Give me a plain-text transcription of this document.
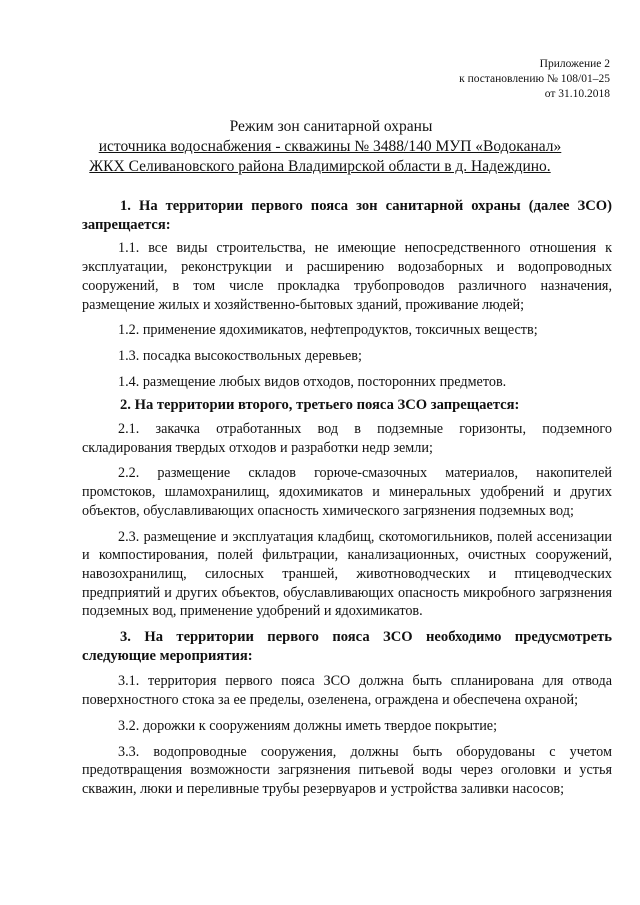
Приложение 2
к постановлению № 108/01–25
от 31.10.2018
Режим зон санитарной охраны
источника водоснабжения - скважины № 3488/140 МУП «Водоканал»
ЖКХ Селивановского района Владимирской области в д. Надеждино.

1. На территории первого пояса зон санитарной охраны (далее ЗСО) запрещается:

1.1. все виды строительства, не имеющие непосредственного отношения к эксплуатации, реконструкции и расширению водозаборных и водопроводных сооружений, в том числе прокладка трубопроводов различного назначения, размещение жилых и хозяйственно-бытовых зданий, проживание людей;

1.2. применение ядохимикатов, нефтепродуктов, токсичных веществ;

1.3. посадка высокоствольных деревьев;

1.4. размещение любых видов отходов, посторонних предметов.

2. На территории второго, третьего пояса ЗСО запрещается:

2.1. закачка отработанных вод в подземные горизонты, подземного складирования твердых отходов и разработки недр земли;

2.2. размещение складов горюче-смазочных материалов, накопителей промстоков, шламохранилищ, ядохимикатов и минеральных удобрений и других объектов, обуславливающих опасность химического загрязнения подземных вод;

2.3. размещение и эксплуатация кладбищ, скотомогильников, полей ассенизации и компостирования, полей фильтрации, канализационных, очистных сооружений, навозохранилищ, силосных траншей, животноводческих и птицеводческих предприятий и других объектов, обуславливающих опасность микробного загрязнения подземных вод, применение удобрений и ядохимикатов.

3. На территории первого пояса ЗСО необходимо предусмотреть следующие мероприятия:

3.1. территория первого пояса ЗСО должна быть спланирована для отвода поверхностного стока за ее пределы, озеленена, ограждена и обеспечена охраной;

3.2. дорожки к сооружениям должны иметь твердое покрытие;

3.3. водопроводные сооружения, должны быть оборудованы с учетом предотвращения возможности загрязнения питьевой воды через оголовки и устья скважин, люки и переливные трубы резервуаров и устройства заливки насосов;
